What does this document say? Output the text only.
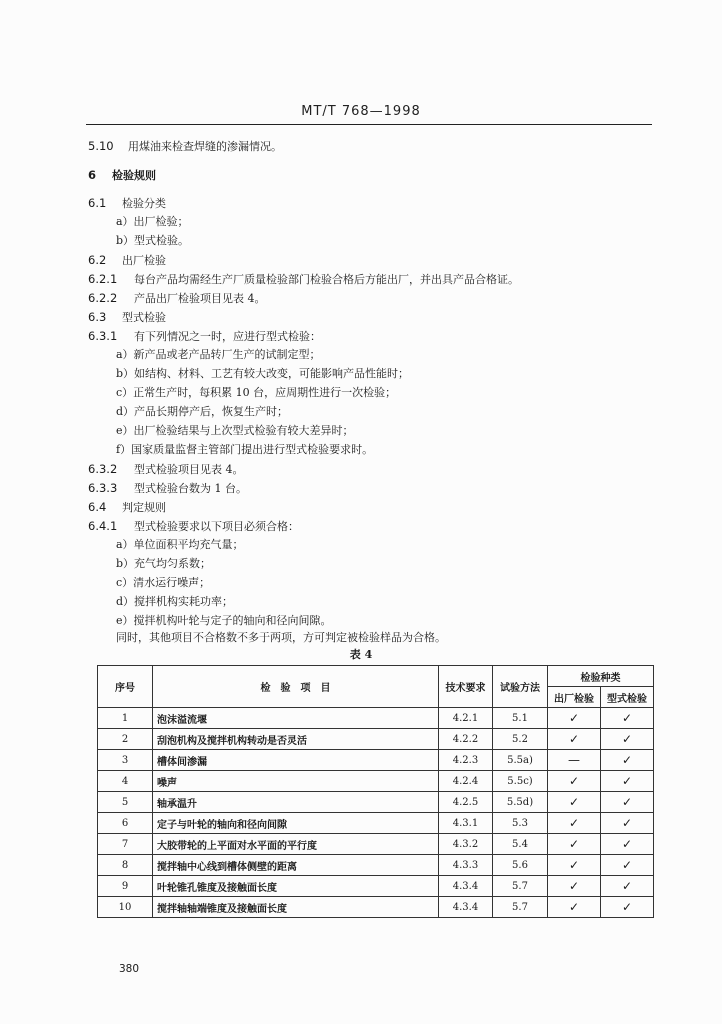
MT/T 768—1998
5.10 用煤油来检查焊缝的渗漏情况。
6 检验规则
6.1 检验分类
a）出厂检验；
b）型式检验。
6.2 出厂检验
6.2.1 每台产品均需经生产厂质量检验部门检验合格后方能出厂，并出具产品合格证。
6.2.2 产品出厂检验项目见表 4。
6.3 型式检验
6.3.1 有下列情况之一时，应进行型式检验：
a）新产品或老产品转厂生产的试制定型；
b）如结构、材料、工艺有较大改变，可能影响产品性能时；
c）正常生产时，每积累 10 台，应周期性进行一次检验；
d）产品长期停产后，恢复生产时；
e）出厂检验结果与上次型式检验有较大差异时；
f）国家质量监督主管部门提出进行型式检验要求时。
6.3.2 型式检验项目见表 4。
6.3.3 型式检验台数为 1 台。
6.4 判定规则
6.4.1 型式检验要求以下项目必须合格：
a）单位面积平均充气量；
b）充气均匀系数；
c）清水运行噪声；
d）搅拌机构实耗功率；
e）搅拌机构叶轮与定子的轴向和径向间隙。
同时，其他项目不合格数不多于两项，方可判定被检验样品为合格。
表 4
序号	检　验　项　目	技术要求	试验方法	检验种类	
				出厂检验	型式检验
1	泡沫溢流堰	4.2.1	5.1	✓	✓
2	刮泡机构及搅拌机构转动是否灵活	4.2.2	5.2	✓	✓
3	槽体间渗漏	4.2.3	5.5a)	—	✓
4	噪声	4.2.4	5.5c)	✓	✓
5	轴承温升	4.2.5	5.5d)	✓	✓
6	定子与叶轮的轴向和径向间隙	4.3.1	5.3	✓	✓
7	大胶带轮的上平面对水平面的平行度	4.3.2	5.4	✓	✓
8	搅拌轴中心线到槽体侧壁的距离	4.3.3	5.6	✓	✓
9	叶轮锥孔锥度及接触面长度	4.3.4	5.7	✓	✓
10	搅拌轴轴端锥度及接触面长度	4.3.4	5.7	✓	✓
380
